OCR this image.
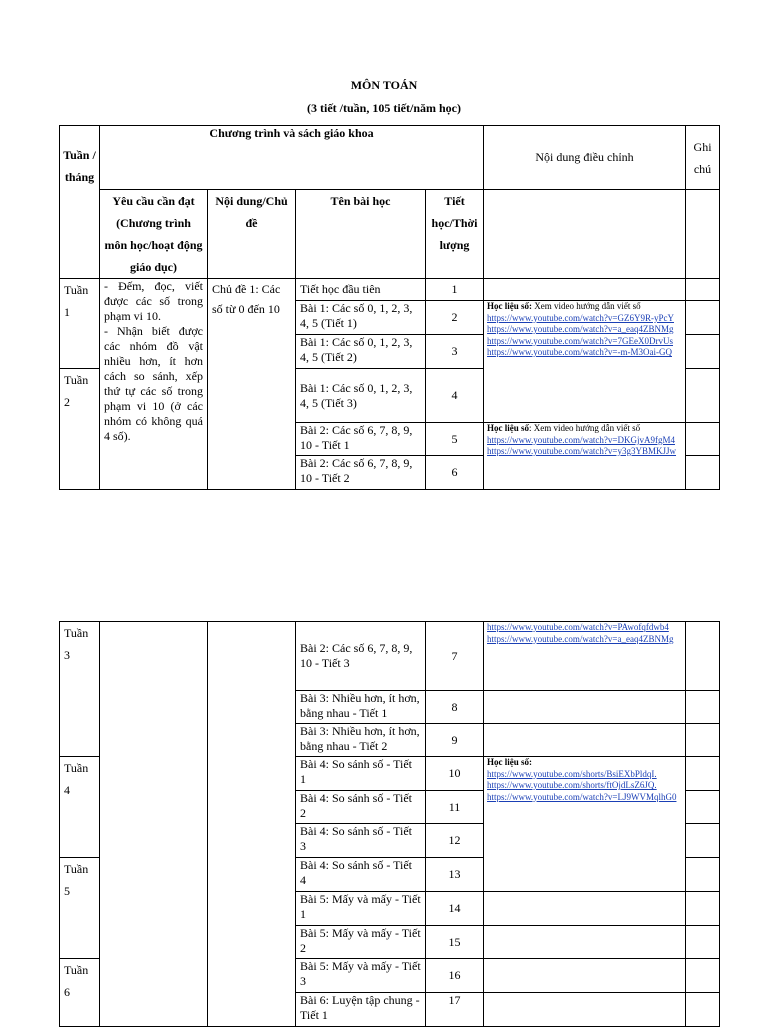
MÔN TOÁN
(3 tiết /tuần, 105 tiết/năm học)
Tuần / tháng	Chương trình và sách giáo khoa				Nội dung điều chỉnh	Ghi chú
	Yêu cầu cần đạt (Chương trình môn học/hoạt động giáo dục)	Nội dung/Chủ đề	Tên bài học	Tiết học/Thời lượng		
Tuần 1	- Đếm, đọc, viết được các số trong phạm vi 10.
- Nhận biết được các nhóm đồ vật nhiều hơn, ít hơn cách so sánh, xếp thứ tự các số trong phạm vi 10 (ở các nhóm có không quá 4 số).	Chủ đề 1: Các số từ 0 đến 10	Tiết học đầu tiên	1		
			Bài 1: Các số 0, 1, 2, 3, 4, 5 (Tiết 1)	2	Học liệu số: Xem video hướng dẫn viết số
https://www.youtube.com/watch?v=GZ6Y9R-yPcY
https://www.youtube.com/watch?v=a_eaq4ZBNMg
https://www.youtube.com/watch?v=7GEeX0DrvUs
https://www.youtube.com/watch?v=-m-M3Oai-GQ	

			Bài 1: Các số 0, 1, 2, 3, 4, 5 (Tiết 2)	3		
Tuần 2			Bài 1: Các số 0, 1, 2, 3, 4, 5 (Tiết 3)	4		
			Bài 2: Các số 6, 7, 8, 9, 10 - Tiết 1	5	Học liệu số: Xem video hướng dẫn viết số
https://www.youtube.com/watch?v=DKGjvA9fgM4
https://www.youtube.com/watch?v=y3g3YBMKJJw	

			Bài 2: Các số 6, 7, 8, 9, 10 - Tiết 2	6		
Tuần 3			Bài 2: Các số 6, 7, 8, 9, 10 - Tiết 3	7	https://www.youtube.com/watch?v=PAwofqfdwb4
https://www.youtube.com/watch?v=a_eaq4ZBNMg	

			Bài 3: Nhiều hơn, ít hơn, bằng nhau - Tiết 1	8		
			Bài 3: Nhiều hơn, ít hơn, bằng nhau - Tiết 2	9		
Tuần 4			Bài 4: So sánh số - Tiết 1	10	Học liệu số:
https://www.youtube.com/shorts/BsiEXbPldqI.
https://www.youtube.com/shorts/ftOjdLsZ6JQ.
https://www.youtube.com/watch?v=LJ9WVMqlhG0	

			Bài 4: So sánh số - Tiết 2	11		
			Bài 4: So sánh số - Tiết 3	12		
Tuần 5			Bài 4: So sánh số - Tiết 4	13		
			Bài 5: Mấy và mấy - Tiết 1	14		
			Bài 5: Mấy và mấy - Tiết 2	15		
Tuần 6			Bài 5: Mấy và mấy - Tiết 3	16		
			Bài 6: Luyện tập chung - Tiết 1	17		
